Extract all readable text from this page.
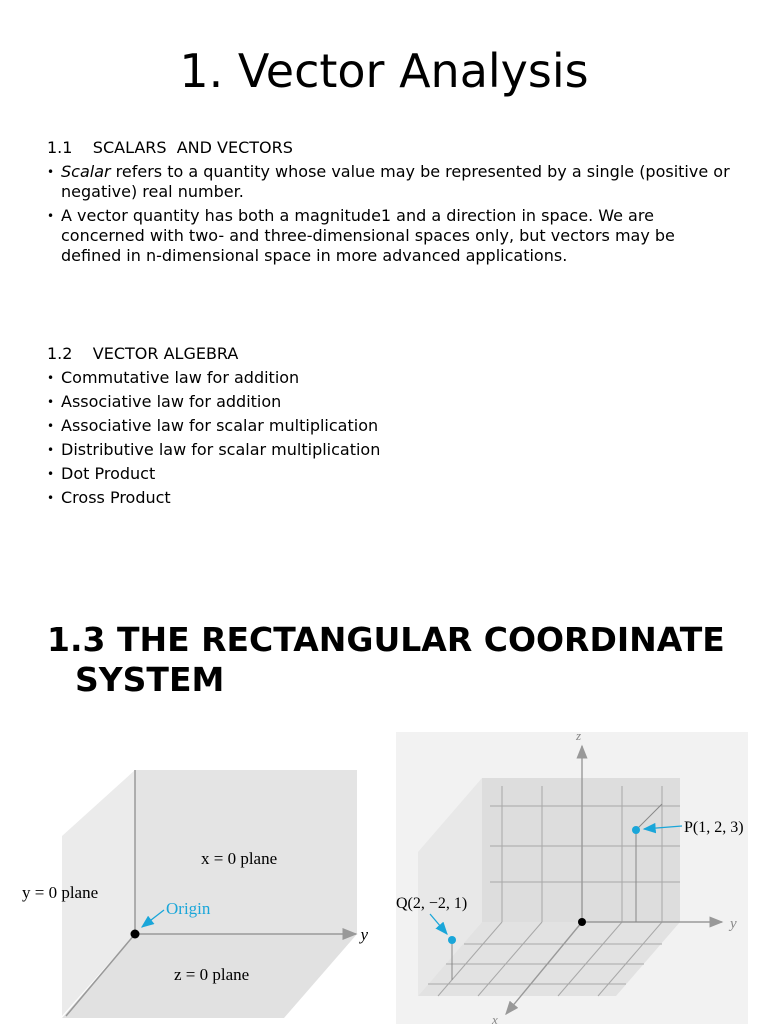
1. Vector Analysis

1.1    SCALARS  AND VECTORS

• Scalar refers to a quantity whose value may be represented by a single (positive or negative) real number.
• A vector quantity has both a magnitude1 and a direction in space. We are concerned with two- and three-dimensional spaces only, but vectors may be defined in n-dimensional space in more advanced applications.

1.2    VECTOR ALGEBRA

• Commutative law for addition
• Associative law for addition
• Associative law for scalar multiplication
• Distributive law for scalar multiplication
• Dot Product
• Cross Product
1.3 THE RECTANGULAR COORDINATE
SYSTEM
Origin
x = 0 plane
y = 0 plane
z = 0 plane
y
z
y
x
P(1, 2, 3)
Q(2, −2, 1)
